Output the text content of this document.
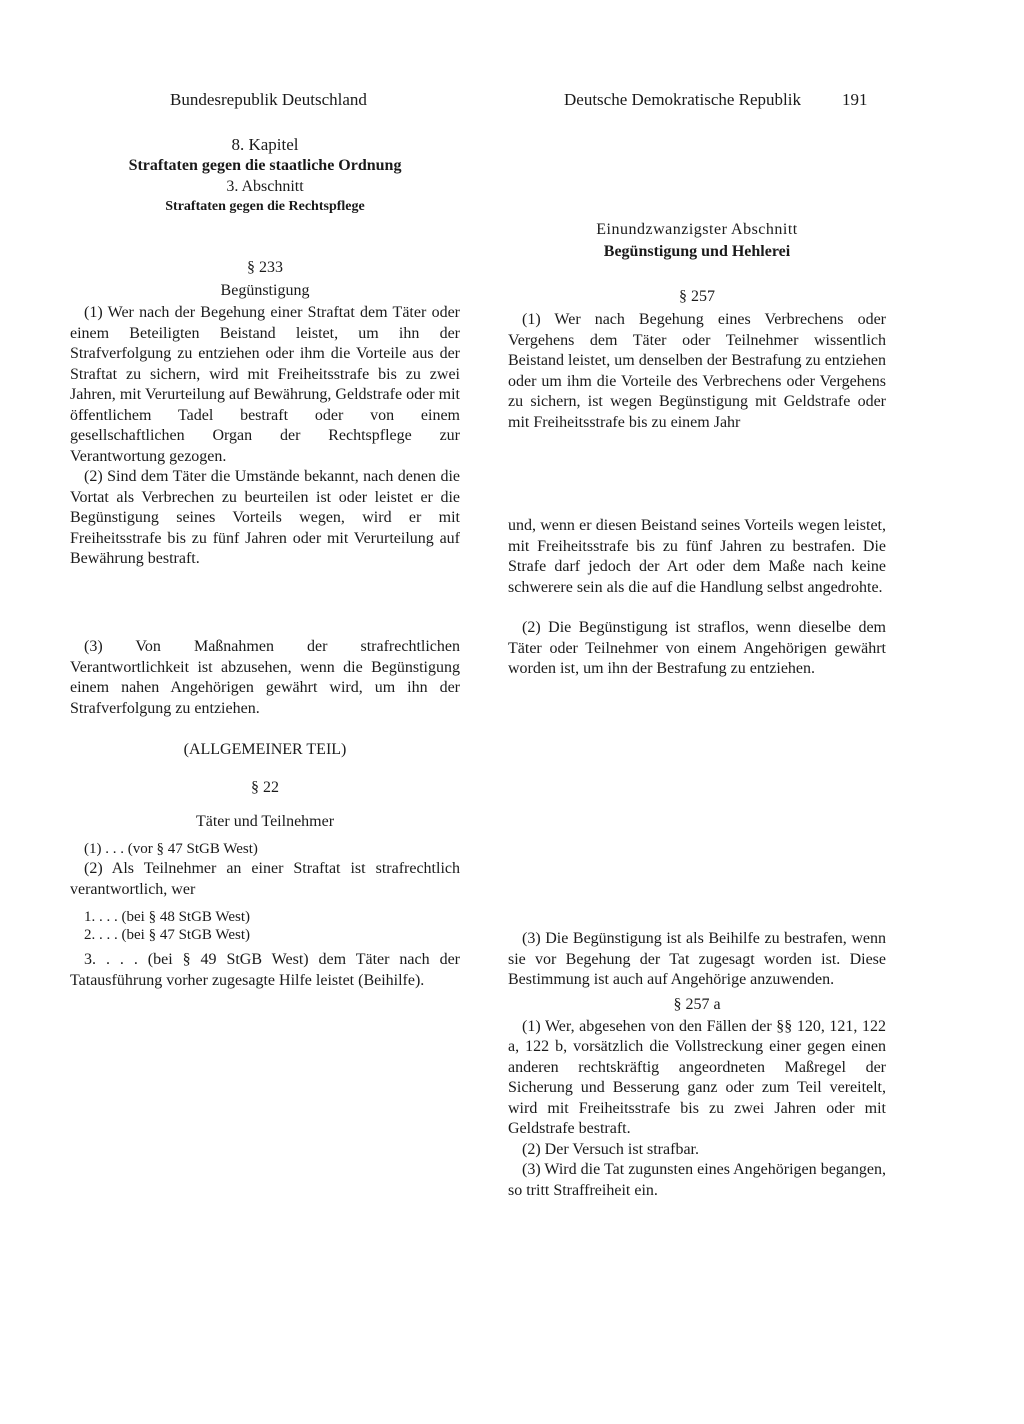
Bundesrepublik Deutschland	Deutsche Demokratische Republik 191

8. Kapitel

Straftaten gegen die staatliche Ordnung

3. Abschnitt

Straftaten gegen die Rechtspflege

§ 233

Begünstigung

(1) Wer nach der Begehung einer Straftat dem Täter oder einem Beteiligten Beistand leistet, um ihn der Strafverfolgung zu entziehen oder ihm die Vorteile aus der Straftat zu sichern, wird mit Freiheitsstrafe bis zu zwei Jahren, mit Verurteilung auf Bewährung, Geldstrafe oder mit öffentlichem Tadel bestraft oder von einem gesellschaftlichen Organ der Rechtspflege zur Verantwortung gezogen.

(2) Sind dem Täter die Umstände bekannt, nach denen die Vortat als Verbrechen zu beurteilen ist oder leistet er die Begünstigung seines Vorteils wegen, wird er mit Freiheitsstrafe bis zu fünf Jahren oder mit Verurteilung auf Bewährung bestraft.

(3) Von Maßnahmen der strafrechtlichen Verantwortlichkeit ist abzusehen, wenn die Begünstigung einem nahen Angehörigen gewährt wird, um ihn der Strafverfolgung zu entziehen.

(ALLGEMEINER TEIL)

§ 22

Täter und Teilnehmer

(1) . . . (vor § 47 StGB West)

(2) Als Teilnehmer an einer Straftat ist strafrechtlich verantwortlich, wer

1. . . . (bei § 48 StGB West)

2. . . . (bei § 47 StGB West)

3. . . . (bei § 49 StGB West) dem Täter nach der Tatausführung vorher zugesagte Hilfe leistet (Beihilfe).

Einundzwanzigster Abschnitt

Begünstigung und Hehlerei

§ 257

(1) Wer nach Begehung eines Verbrechens oder Vergehens dem Täter oder Teilnehmer wissentlich Beistand leistet, um denselben der Bestrafung zu entziehen oder um ihm die Vorteile des Verbrechens oder Vergehens zu sichern, ist wegen Begünstigung mit Geldstrafe oder mit Freiheitsstrafe bis zu einem Jahr

und, wenn er diesen Beistand seines Vorteils wegen leistet, mit Freiheitsstrafe bis zu fünf Jahren zu bestrafen. Die Strafe darf jedoch der Art oder dem Maße nach keine schwerere sein als die auf die Handlung selbst angedrohte.

(2) Die Begünstigung ist straflos, wenn dieselbe dem Täter oder Teilnehmer von einem Angehörigen gewährt worden ist, um ihn der Bestrafung zu entziehen.

(3) Die Begünstigung ist als Beihilfe zu bestrafen, wenn sie vor Begehung der Tat zugesagt worden ist. Diese Bestimmung ist auch auf Angehörige anzuwenden.

§ 257 a

(1) Wer, abgesehen von den Fällen der §§ 120, 121, 122 a, 122 b, vorsätzlich die Vollstreckung einer gegen einen anderen rechtskräftig angeordneten Maßregel der Sicherung und Besserung ganz oder zum Teil vereitelt, wird mit Freiheitsstrafe bis zu zwei Jahren oder mit Geldstrafe bestraft.

(2) Der Versuch ist strafbar.

(3) Wird die Tat zugunsten eines Angehörigen begangen, so tritt Straffreiheit ein.
